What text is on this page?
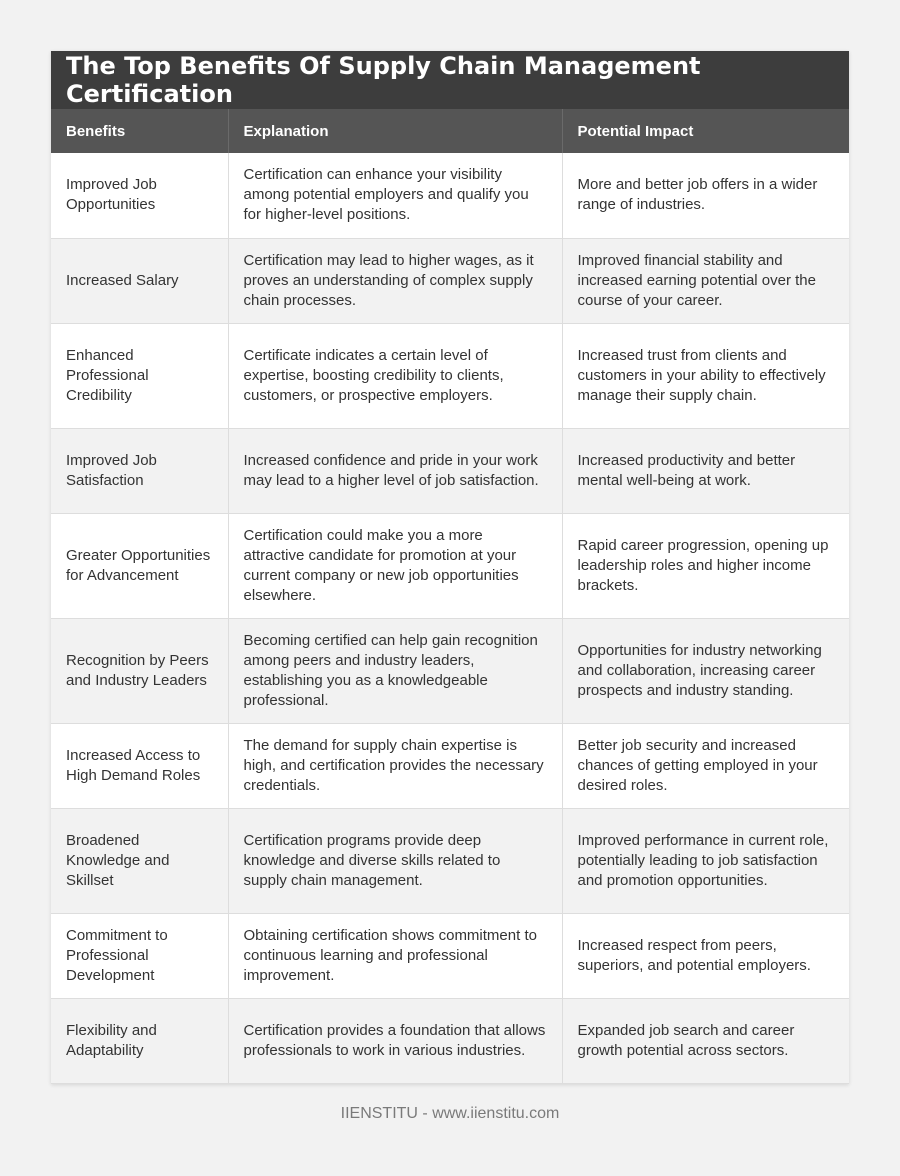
The Top Benefits Of Supply Chain Management Certification
Benefits	Explanation	Potential Impact
Improved Job Opportunities	Certification can enhance your visibility among potential employers and qualify you for higher-level positions.	More and better job offers in a wider range of industries.
Increased Salary	Certification may lead to higher wages, as it proves an understanding of complex supply chain processes.	Improved financial stability and increased earning potential over the course of your career.
Enhanced Professional Credibility	Certificate indicates a certain level of expertise, boosting credibility to clients, customers, or prospective employers.	Increased trust from clients and customers in your ability to effectively manage their supply chain.
Improved Job Satisfaction	Increased confidence and pride in your work may lead to a higher level of job satisfaction.	Increased productivity and better mental well-being at work.
Greater Opportunities for Advancement	Certification could make you a more attractive candidate for promotion at your current company or new job opportunities elsewhere.	Rapid career progression, opening up leadership roles and higher income brackets.
Recognition by Peers and Industry Leaders	Becoming certified can help gain recognition among peers and industry leaders, establishing you as a knowledgeable professional.	Opportunities for industry networking and collaboration, increasing career prospects and industry standing.
Increased Access to High Demand Roles	The demand for supply chain expertise is high, and certification provides the necessary credentials.	Better job security and increased chances of getting employed in your desired roles.
Broadened Knowledge and Skillset	Certification programs provide deep knowledge and diverse skills related to supply chain management.	Improved performance in current role, potentially leading to job satisfaction and promotion opportunities.
Commitment to Professional Development	Obtaining certification shows commitment to continuous learning and professional improvement.	Increased respect from peers, superiors, and potential employers.
Flexibility and Adaptability	Certification provides a foundation that allows professionals to work in various industries.	Expanded job search and career growth potential across sectors.
IIENSTITU - www.iienstitu.com
